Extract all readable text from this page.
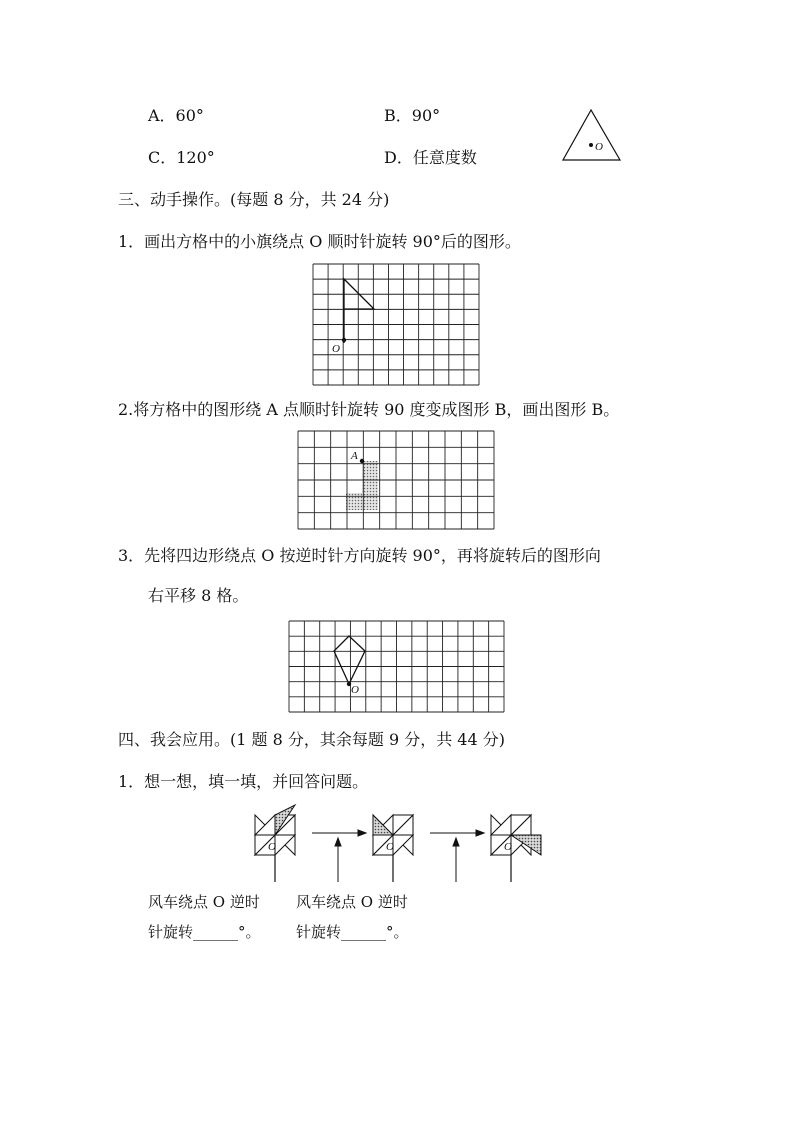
A．60°	B．90°
C．120°	D．任意度数
O
三、动手操作。(每题 8 分，共 24 分)
1．画出方格中的小旗绕点 O 顺时针旋转 90°后的图形。
O
2.将方格中的图形绕 A 点顺时针旋转 90 度变成图形 B，画出图形 B。
A
3．先将四边形绕点 O 按逆时针方向旋转 90°，再将旋转后的图形向
右平移 8 格。
O
四、我会应用。(1 题 8 分，其余每题 9 分，共 44 分)
1．想一想，填一填，并回答问题。
O	O	O
风车绕点 O 逆时
针旋转______°。
风车绕点 O 逆时
针旋转______°。
